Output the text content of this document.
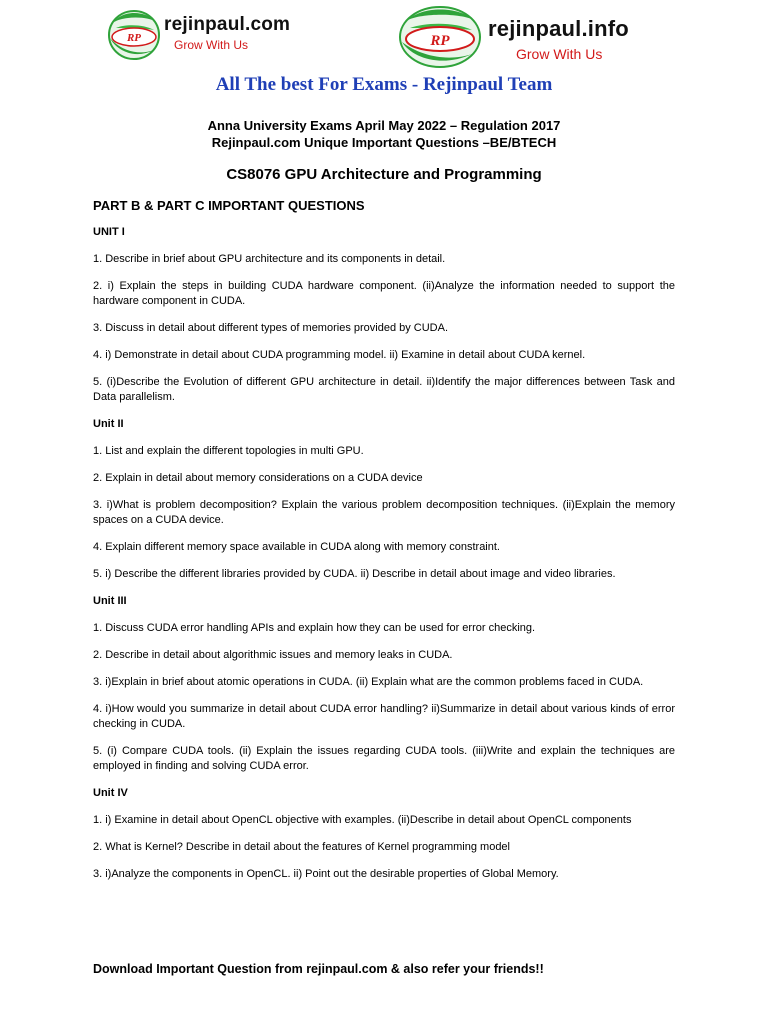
RP
rejinpaul.com
Grow With Us	RP rejinpaul.info
Grow With Us
All The best For Exams - Rejinpaul Team
Anna University Exams April May 2022 – Regulation 2017
Rejinpaul.com Unique Important Questions –BE/BTECH
CS8076 GPU Architecture and Programming
PART B & PART C IMPORTANT QUESTIONS
UNIT I
1. Describe in brief about GPU architecture and its components in detail.
2. i) Explain the steps in building CUDA hardware component. (ii)Analyze the information needed to support the hardware component in CUDA.
3. Discuss in detail about different types of memories provided by CUDA.
4. i) Demonstrate in detail about CUDA programming model. ii) Examine in detail about CUDA kernel.
5. (i)Describe the Evolution of different GPU architecture in detail. ii)Identify the major differences between Task and Data parallelism.
Unit II
1. List and explain the different topologies in multi GPU.
2. Explain in detail about memory considerations on a CUDA device
3. i)What is problem decomposition? Explain the various problem decomposition techniques. (ii)Explain the memory spaces on a CUDA device.
4. Explain different memory space available in CUDA along with memory constraint.
5. i) Describe the different libraries provided by CUDA. ii) Describe in detail about image and video libraries.
Unit III
1. Discuss CUDA error handling APIs and explain how they can be used for error checking.
2. Describe in detail about algorithmic issues and memory leaks in CUDA.
3. i)Explain in brief about atomic operations in CUDA. (ii) Explain what are the common problems faced in CUDA.
4. i)How would you summarize in detail about CUDA error handling? ii)Summarize in detail about various kinds of error checking in CUDA.
5. (i) Compare CUDA tools. (ii) Explain the issues regarding CUDA tools. (iii)Write and explain the techniques are employed in finding and solving CUDA error.
Unit IV
1. i) Examine in detail about OpenCL objective with examples. (ii)Describe in detail about OpenCL components
2. What is Kernel? Describe in detail about the features of Kernel programming model
3. i)Analyze the components in OpenCL. ii) Point out the desirable properties of Global Memory.
Download Important Question from rejinpaul.com & also refer your friends!!
